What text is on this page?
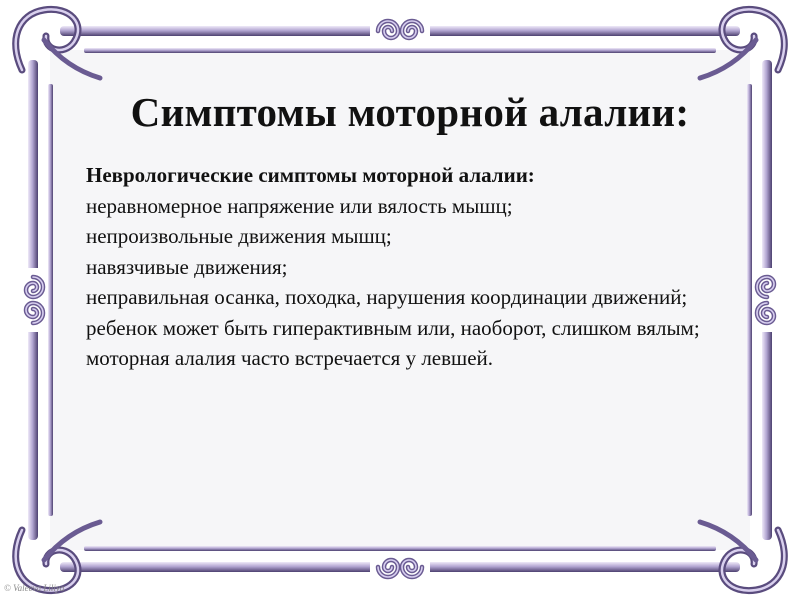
Симптомы моторной алалии:

Неврологические симптомы моторной алалии:

неравномерное напряжение или вялость мышц;

непроизвольные движения мышц;

навязчивые движения;

неправильная осанка, походка, нарушения координации движений;

ребенок может быть гиперактивным или, наоборот, слишком вялым;

моторная алалия часто встречается у левшей.

© Valeeva Liliya
